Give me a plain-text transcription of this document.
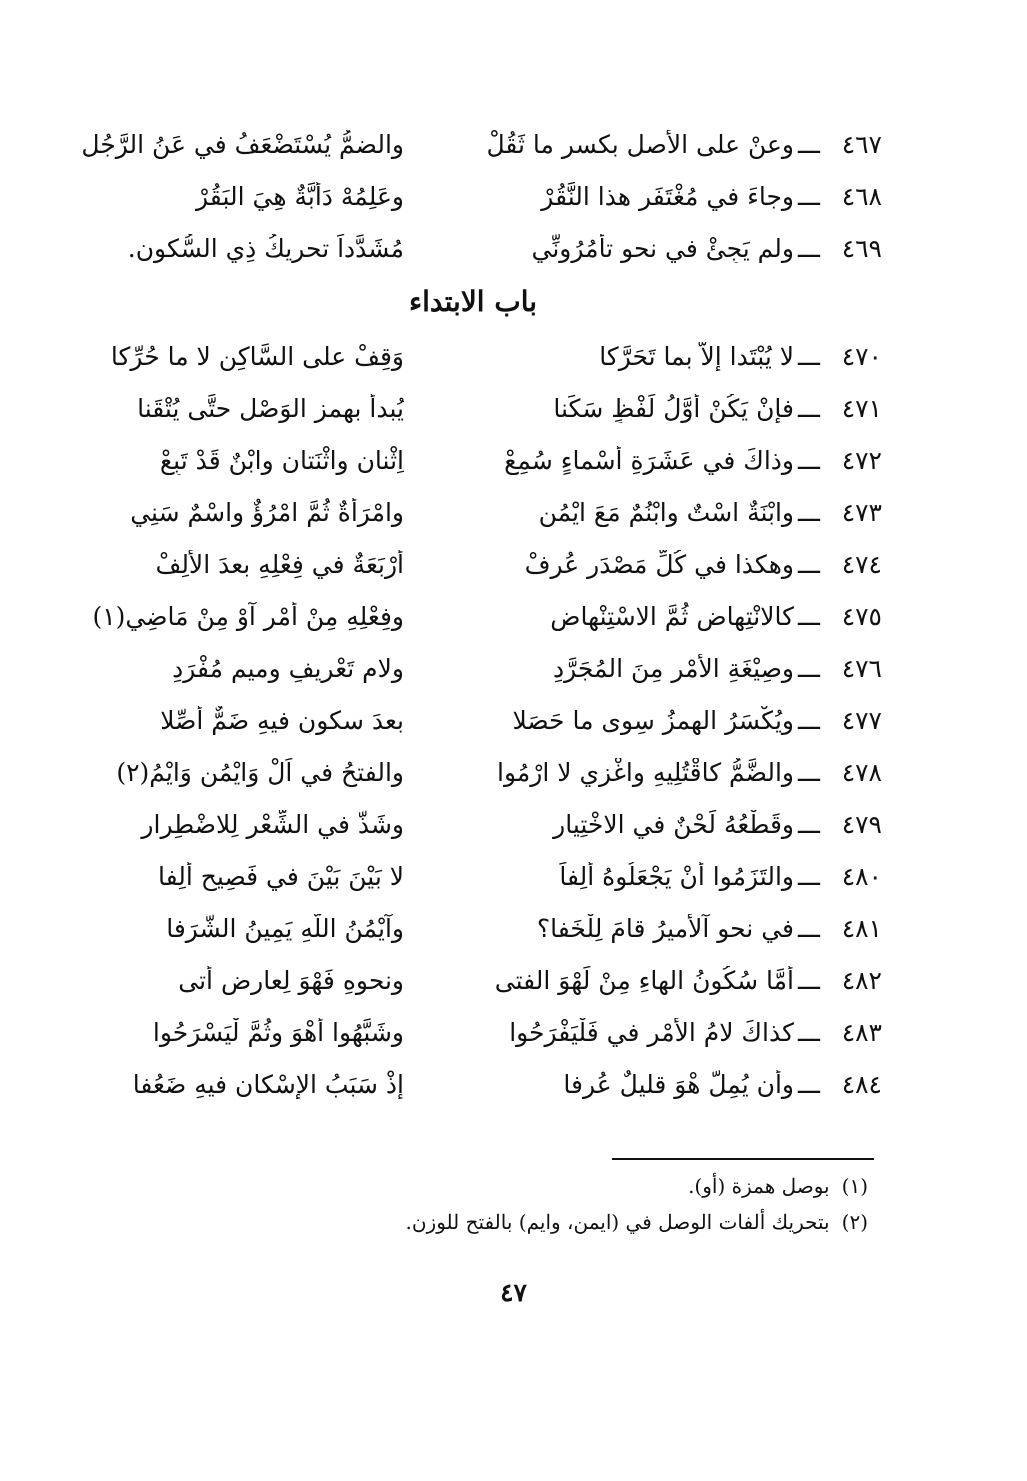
٤٦٧
ـــ
وعنْ على الأصلِ بكسرٍ ما ثَقُلْ
والضمُّ يُسْتَضْعَفُ في عَنُ الرَّجُل
٤٦٨
ـــ
وجاءَ في مُغْتَفَرٍ هذا النَّقُرْ
وعَلِمُهْ دَأَبَّةٌ هِيَ البَقُرْ
٤٦٩
ـــ
ولم يَجِئْ في نحوِ تأْمُرُونِّي
مُشَدَّداً تحريكُ ذِي السُّكونِ.
باب الابتداء
٤٧٠
ـــ
لا يُبْتَدا إلاّ بما تَحَرَّكا
وَقِفْ على السَّاكِنِ لا ما حُرِّكا
٤٧١
ـــ
فإنْ يَكُنْ أوَّلُ لَفْظٍ سَكَنا
يُبدأ بهمزِ الوَصْلِ حتَّى يُتْقَنا
٤٧٢
ـــ
وذاكَ في عَشَرَةِ أَسْماءٍ سُمِعْ
اِثْنانِ واثْنَتانِ وابْنٌ قَدْ تَبِعْ
٤٧٣
ـــ
وابْنَةٌ اسْتٌ وابْنُمٌ مَعَ ايْمُنِ
وامْرَأَةٌ ثُمَّ امْرُؤٌ واسْمٌ سَنِي
٤٧٤
ـــ
وهكذا في كُلِّ مَصْدَرٍ عُرِفْ
أرْبَعَةٌ في فِعْلِهِ بعدَ الألِفْ
٤٧٥
ـــ
كالانْتِهاضِ ثُمَّ الاسْتِنْهاضِ
وفِعْلِهِ مِنْ أَمْرٍ آوْ مِنْ مَاضِي(١)
٤٧٦
ـــ
وصِيْغَةِ الأَمْرِ مِنَ المُجَرَّدِ
ولامِ تَعْرِيفٍ وميمِ مُفْرَدِ
٤٧٧
ـــ
ويُكْسَرُ الهمزُ سِوى ما حَصَلا
بعدَ سكونٍ فيهِ ضَمٌّ أُصِّلا
٤٧٨
ـــ
والضَّمُّ كاقْتُلِيهِ واغْزِي لا ارْمُوا
والفتحُ في اَلْ وَايْمُنٍ وَايْمُ(٢)
٤٧٩
ـــ
وقَطْعُهُ لَحْنٌ في الاخْتِيارِ
وشَذَّ في الشِّعْرِ لِلاضْطِرارِ
٤٨٠
ـــ
والتَزَمُوا أنْ يَجْعَلُوهُ ألِفاً
لا بَيْنَ بَيْنَ في فَصِيحٍ أُلِفا
٤٨١
ـــ
في نحوِ آلأميرُ قامَ لِلْخَفا؟
وآيْمُنُ اللَّهِ يَمِينُ الشُّرَفا
٤٨٢
ـــ
أمَّا سُكُونُ الهاءِ مِنْ لَهْوَ الفتى
ونحوِهِ فَهْوَ لِعارِضٍ أتى
٤٨٣
ـــ
كذاكَ لامُ الأَمْرِ في فَلْيَفْرَحُوا
وشَبَّهُوا أَهْوَ وثُمَّ لْيَسْرَحُوا
٤٨٤
ـــ
وأن يُمِلَّ هْوَ قليلٌ عُرِفا
إذْ سَبَبُ الإسْكانِ فيهِ ضَعُفا
(١)بوصل همزة (أو).
(٢)بتحريك ألفات الوصل في (ايمن، وايم) بالفتح للوزن.
٤٧
